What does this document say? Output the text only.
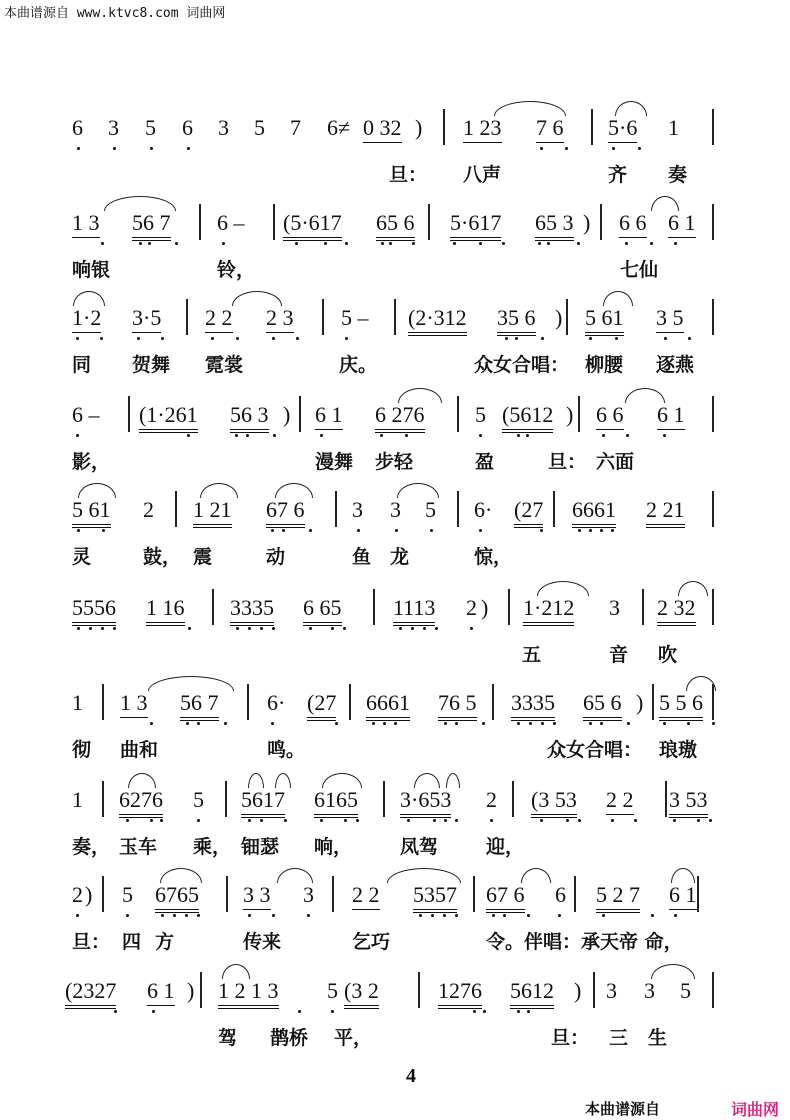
本曲谱源自 www.ktvc8.com 词曲网
6 3 5 6 3 5 7 6≠ 0 32 ) 1 23 7 6 5·6 1
旦： 八声	齐 奏
1 3 56 7 6 – (5·617 65 6 5·617 65 3 ) 6 6 6 1
响银	铃，	七仙
1·2 3·5 2 2 2 3 5 – (2·312 35 6 ) 5 61 3 5
同 贺舞 霓裳	庆。	众女合唱： 柳腰 逐燕
6 – (1·261 56 3 ) 6 1 6 276 5 (5612 ) 6 6 6 1
影，	漫舞 步轻	盈	旦： 六面
5 61 2 1 21 67 6 3 3 5 6· (27 6661 2 21
灵	鼓， 震	动	鱼 龙	惊，
5556 1 16 3335 6 65 1113 2 ) 1·212 3 2 32
五	音 吹
1 1 3 56 7 6· (27 6661 76 5 3335 65 6 ) 5 5 6
彻 曲和	鸣。	众女合唱： 琅璈
1 6276 5 5617 6165 3·653 2 (3 53 2 2 3 53
奏， 玉车 乘， 钿瑟 响，	凤驾	迎，
2 ) 5 6765 3 3 3 2 2 5357 67 6 6 5 2 7 6 1
旦： 四 方	传来	乞巧	令。伴唱：承天帝 命，
(2327 6 1 ) 1 2 1 3 5 (3 2	1276 5612 ) 3 3 5
驾 鹊桥 平，	旦： 三 生
4
本曲谱源自	词曲网
